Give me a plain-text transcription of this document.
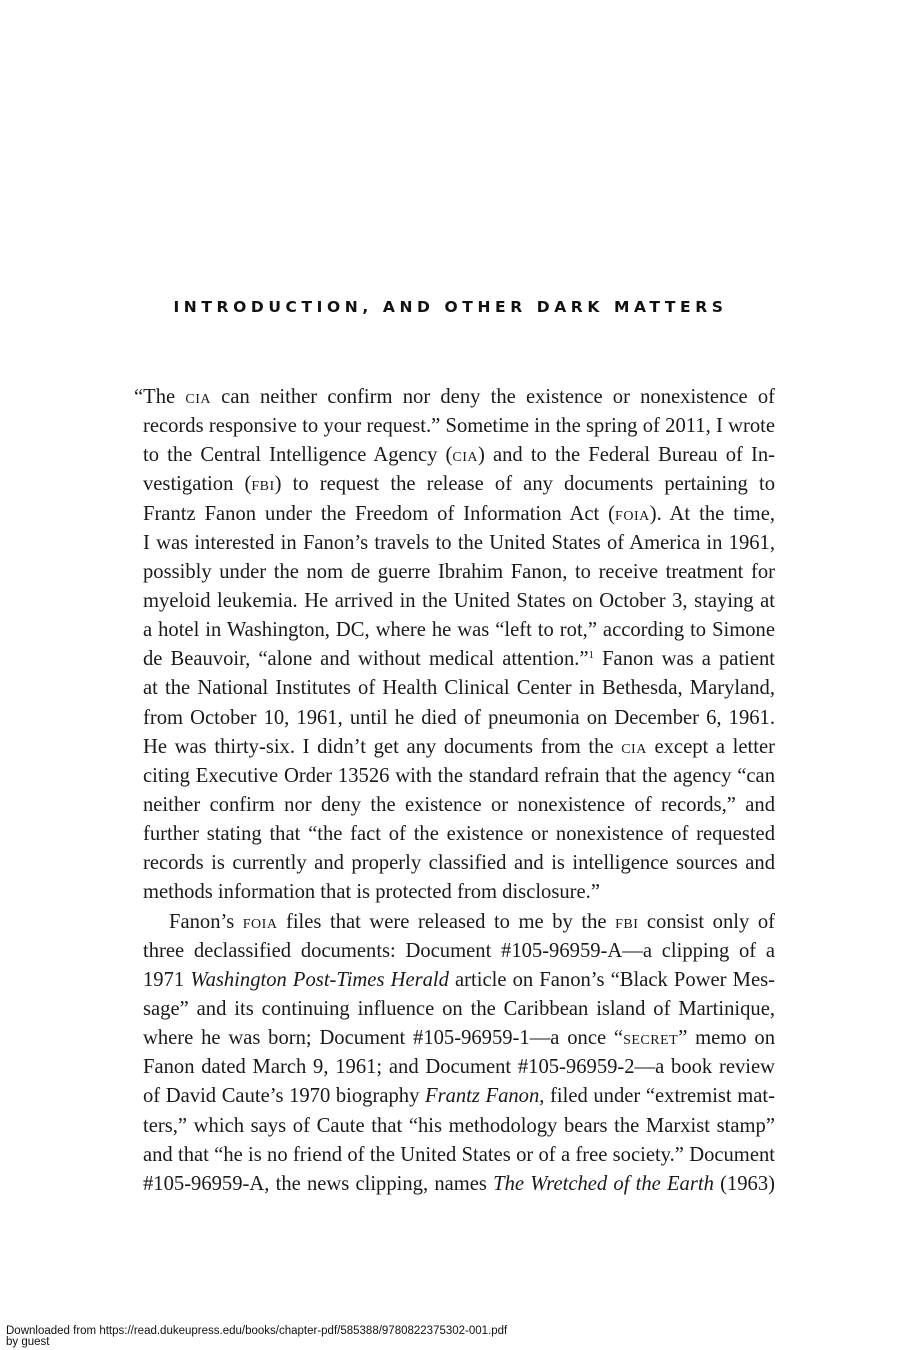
INTRODUCTION, AND OTHER DARK MATTERS
“The cia can neither confirm nor deny the existence or nonexistence of
records responsive to your request.” Sometime in the spring of 2011, I wrote
to the Central Intelligence Agency (cia) and to the Federal Bureau of In-
vestigation (fbi) to request the release of any documents pertaining to
Frantz Fanon under the Freedom of Information Act (foia). At the time,
I was interested in Fanon’s travels to the United States of America in 1961,
possibly under the nom de guerre Ibrahim Fanon, to receive treatment for
myeloid leukemia. He arrived in the United States on October 3, staying at
a hotel in Washington, DC, where he was “left to rot,” according to Simone
de Beauvoir, “alone and without medical attention.”$^1$ Fanon was a patient
at the National Institutes of Health Clinical Center in Bethesda, Maryland,
from October 10, 1961, until he died of pneumonia on December 6, 1961.
He was thirty-six. I didn’t get any documents from the cia except a letter
citing Executive Order 13526 with the standard refrain that the agency “can
neither confirm nor deny the existence or nonexistence of records,” and
further stating that “the fact of the existence or nonexistence of requested
records is currently and properly classified and is intelligence sources and
methods information that is protected from disclosure.”
Fanon’s foia files that were released to me by the fbi consist only of
three declassified documents: Document #105-96959-A—a clipping of a
1971 Washington Post-Times Herald article on Fanon’s “Black Power Mes-
sage” and its continuing influence on the Caribbean island of Martinique,
where he was born; Document #105-96959-1—a once “secret” memo on
Fanon dated March 9, 1961; and Document #105-96959-2—a book review
of David Caute’s 1970 biography Frantz Fanon, filed under “extremist mat-
ters,” which says of Caute that “his methodology bears the Marxist stamp”
and that “he is no friend of the United States or of a free society.” Document
#105-96959-A, the news clipping, names The Wretched of the Earth (1963)
Downloaded from https://read.dukeupress.edu/books/chapter-pdf/585388/9780822375302-001.pdf
by guest
